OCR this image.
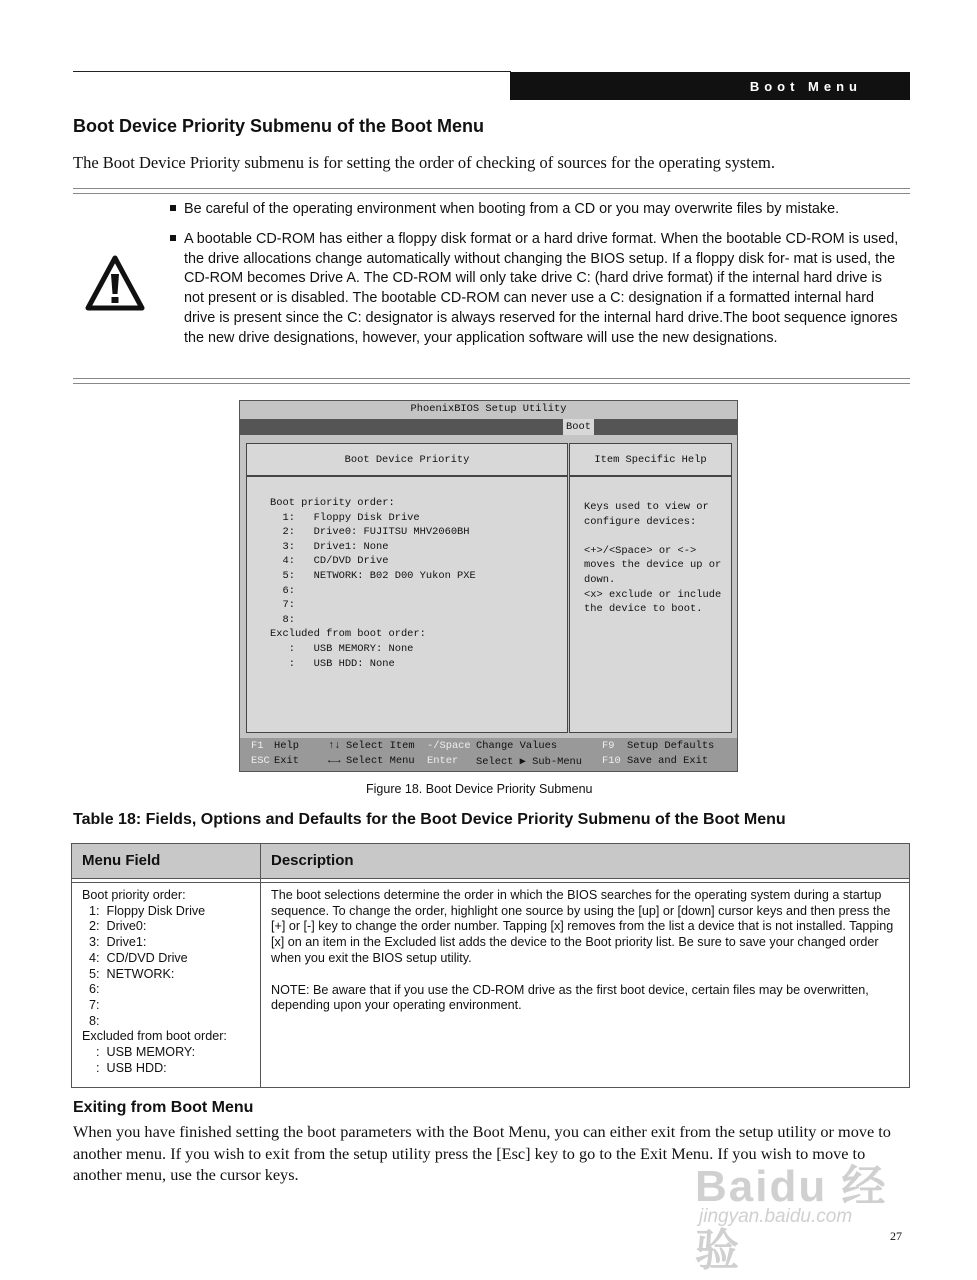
Boot Menu
Boot Device Priority Submenu of the Boot Menu
The Boot Device Priority submenu is for setting the order of checking of sources for the operating system.
Be careful of the operating environment when booting from a CD or you may overwrite files by mistake.
A bootable CD-ROM has either a floppy disk format or a hard drive format. When the bootable CD-ROM is used, the drive allocations change automatically without changing the BIOS setup. If a floppy disk for- mat is used, the CD-ROM becomes Drive A. The CD-ROM will only take drive C: (hard drive format) if the internal hard drive is not present or is disabled. The bootable CD-ROM can never use a C: designation if a formatted internal hard drive is present since the C: designator is always reserved for the internal hard drive.The boot sequence ignores the new drive designations, however, your application software will use the new designations.
PhoenixBIOS Setup Utility
Boot
Boot Device Priority	Item Specific Help
Boot priority order:
1:   Floppy Disk Drive
2:   Drive0: FUJITSU MHV2060BH
3:   Drive1: None
4:   CD/DVD Drive
5:   NETWORK: B02 D00 Yukon PXE
6:
7:
8:
Excluded from boot order:
:   USB MEMORY: None
:   USB HDD: None
Keys used to view or
configure devices:
<+>/<Space> or <->
moves the device up or
down.
<x> exclude or include
the device to boot.
F1 Help	↑↓ Select Item -/Space Change Values	F9 Setup Defaults
ESC Exit	←→ Select Menu Enter Select ▶ Sub-Menu F10 Save and Exit
Figure 18. Boot Device Priority Submenu
Table 18: Fields, Options and Defaults for the Boot Device Priority Submenu of the Boot Menu
Menu Field	Description
Boot priority order:
1:  Floppy Disk Drive
2:  Drive0:
3:  Drive1:
4:  CD/DVD Drive
5:  NETWORK:
6:
7:
8:
Excluded from boot order:
:  USB MEMORY:
:  USB HDD:
The boot selections determine the order in which the BIOS searches for the operating system during a startup sequence. To change the order, highlight one source by using the [up] or [down] cursor keys and then press the [+] or [-] key to change the order number. Tapping [x] removes from the list a device that is not installed. Tapping [x] on an item in the Excluded list adds the device to the Boot priority list. Be sure to save your changed order when you exit the BIOS setup utility.
NOTE: Be aware that if you use the CD-ROM drive as the first boot device, certain files may be overwritten, depending upon your operating environment.
Exiting from Boot Menu
When you have finished setting the boot parameters with the Boot Menu, you can either exit from the setup utility or move to another menu. If you wish to exit from the setup utility press the [Esc] key to go to the Exit Menu. If you wish to move to another menu, use the cursor keys.	Baidu 经验
jingyan.baidu.com
27
